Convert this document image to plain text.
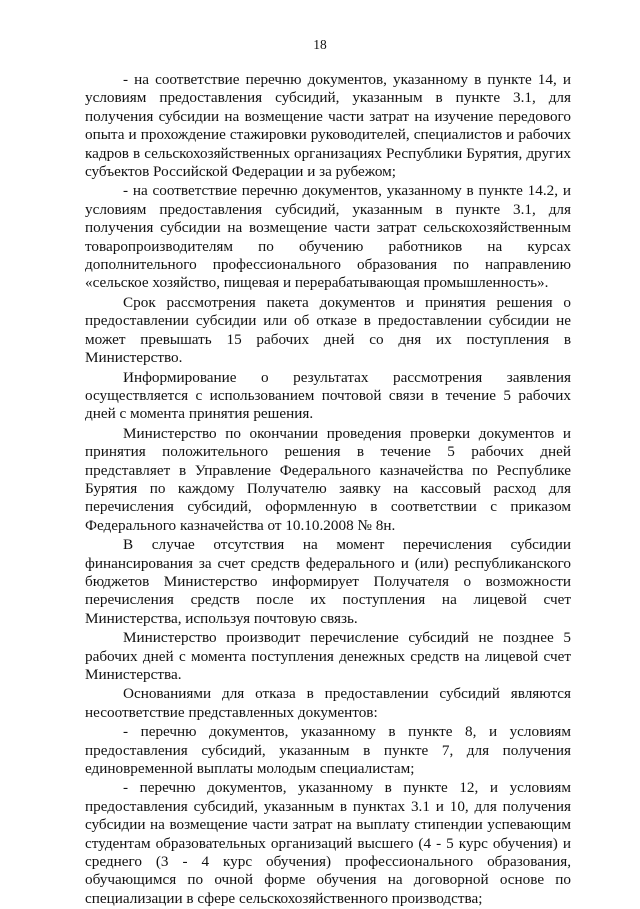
18

- на соответствие перечню документов, указанному в пункте 14, и условиям предоставления субсидий, указанным в пункте 3.1, для получения субсидии на возмещение части затрат на изучение передового опыта и прохождение стажировки руководителей, специалистов и рабочих кадров в сельскохозяйственных организациях Республики Бурятия, других субъектов Российской Федерации и за рубежом;

- на соответствие перечню документов, указанному в пункте 14.2, и условиям предоставления субсидий, указанным в пункте 3.1, для получения субсидии на возмещение части затрат сельскохозяйственным товаропроизводителям по обучению работников на курсах дополнительного профессионального образования по направлению «сельское хозяйство, пищевая и перерабатывающая промышленность».

Срок рассмотрения пакета документов и принятия решения о предоставлении субсидии или об отказе в предоставлении субсидии не может превышать 15 рабочих дней со дня их поступления в Министерство.

Информирование о результатах рассмотрения заявления осуществляется с использованием почтовой связи в течение 5 рабочих дней с момента принятия решения.

Министерство по окончании проведения проверки документов и принятия положительного решения в течение 5 рабочих дней представляет в Управление Федерального казначейства по Республике Бурятия по каждому Получателю заявку на кассовый расход для перечисления субсидий, оформленную в соответствии с приказом Федерального казначейства от 10.10.2008 № 8н.

В случае отсутствия на момент перечисления субсидии финансирования за счет средств федерального и (или) республиканского бюджетов Министерство информирует Получателя о возможности перечисления средств после их поступления на лицевой счет Министерства, используя почтовую связь.

Министерство производит перечисление субсидий не позднее 5 рабочих дней с момента поступления денежных средств на лицевой счет Министерства.

Основаниями для отказа в предоставлении субсидий являются несоответствие представленных документов:

- перечню документов, указанному в пункте 8, и условиям предоставления субсидий, указанным в пункте 7, для получения единовременной выплаты молодым специалистам;

- перечню документов, указанному в пункте 12, и условиям предоставления субсидий, указанным в пунктах 3.1 и 10, для получения субсидии на возмещение части затрат на выплату стипендии успевающим студентам образовательных организаций высшего (4 - 5 курс обучения) и среднего (3 - 4 курс обучения) профессионального образования, обучающимся по очной форме обучения на договорной основе по специализации в сфере сельскохозяйственного производства;
